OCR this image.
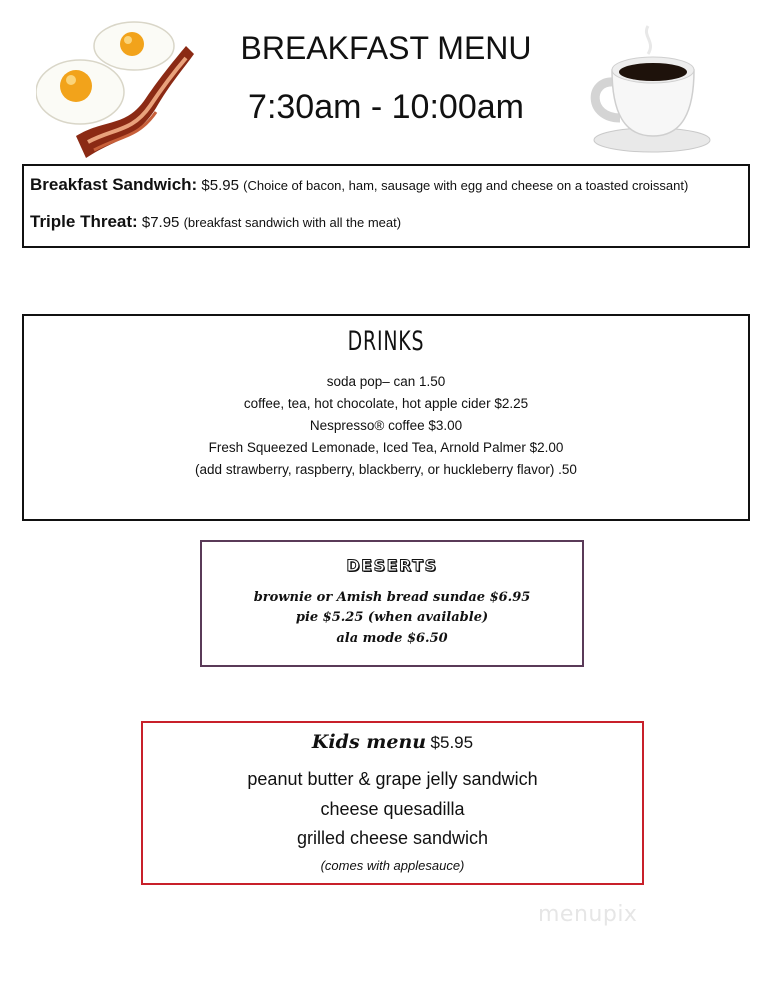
BREAKFAST MENU
7:30am - 10:00am
Breakfast Sandwich: $5.95 (Choice of bacon, ham, sausage with egg and cheese on a toasted croissant)
Triple Threat: $7.95 (breakfast sandwich with all the meat)
DRINKS
soda pop– can 1.50
coffee, tea, hot chocolate, hot apple cider $2.25
Nespresso® coffee $3.00
Fresh Squeezed Lemonade, Iced Tea, Arnold Palmer $2.00
(add strawberry, raspberry, blackberry, or huckleberry flavor) .50
DESERTS
brownie or Amish bread sundae $6.95
pie $5.25 (when available)
ala mode $6.50
Kids menu $5.95
peanut butter & grape jelly sandwich
cheese quesadilla
grilled cheese sandwich
(comes with applesauce)
menupix
